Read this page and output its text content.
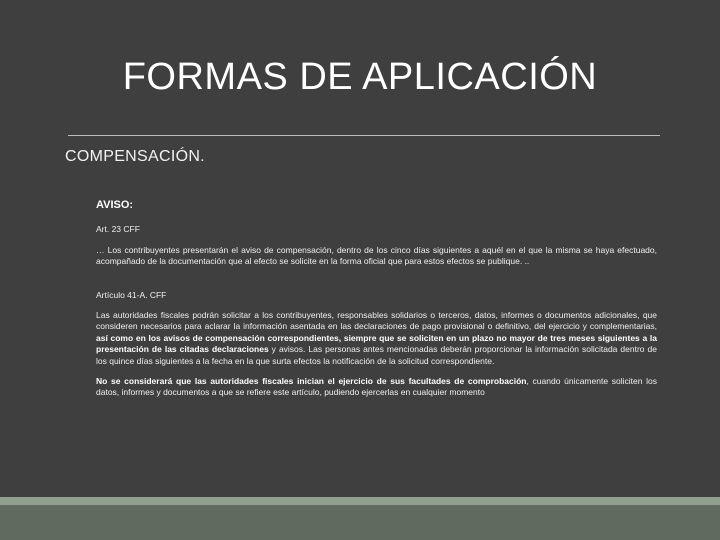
FORMAS DE APLICACIÓN
COMPENSACIÓN.
AVISO:
Art. 23 CFF
… Los contribuyentes presentarán el aviso de compensación, dentro de los cinco días siguientes a aquél en el que la misma se haya efectuado, acompañado de la documentación que al efecto se solicite en la forma oficial que para estos efectos se publique. ..
Artículo 41-A. CFF
Las autoridades fiscales podrán solicitar a los contribuyentes, responsables solidarios o terceros, datos, informes o documentos adicionales, que consideren necesarios para aclarar la información asentada en las declaraciones de pago provisional o definitivo, del ejercicio y complementarias, así como en los avisos de compensación correspondientes, siempre que se soliciten en un plazo no mayor de tres meses siguientes a la presentación de las citadas declaraciones y avisos. Las personas antes mencionadas deberán proporcionar la información solicitada dentro de los quince días siguientes a la fecha en la que surta efectos la notificación de la solicitud correspondiente.
No se considerará que las autoridades fiscales inician el ejercicio de sus facultades de comprobación, cuando únicamente soliciten los datos, informes y documentos a que se refiere este artículo, pudiendo ejercerlas en cualquier momento
